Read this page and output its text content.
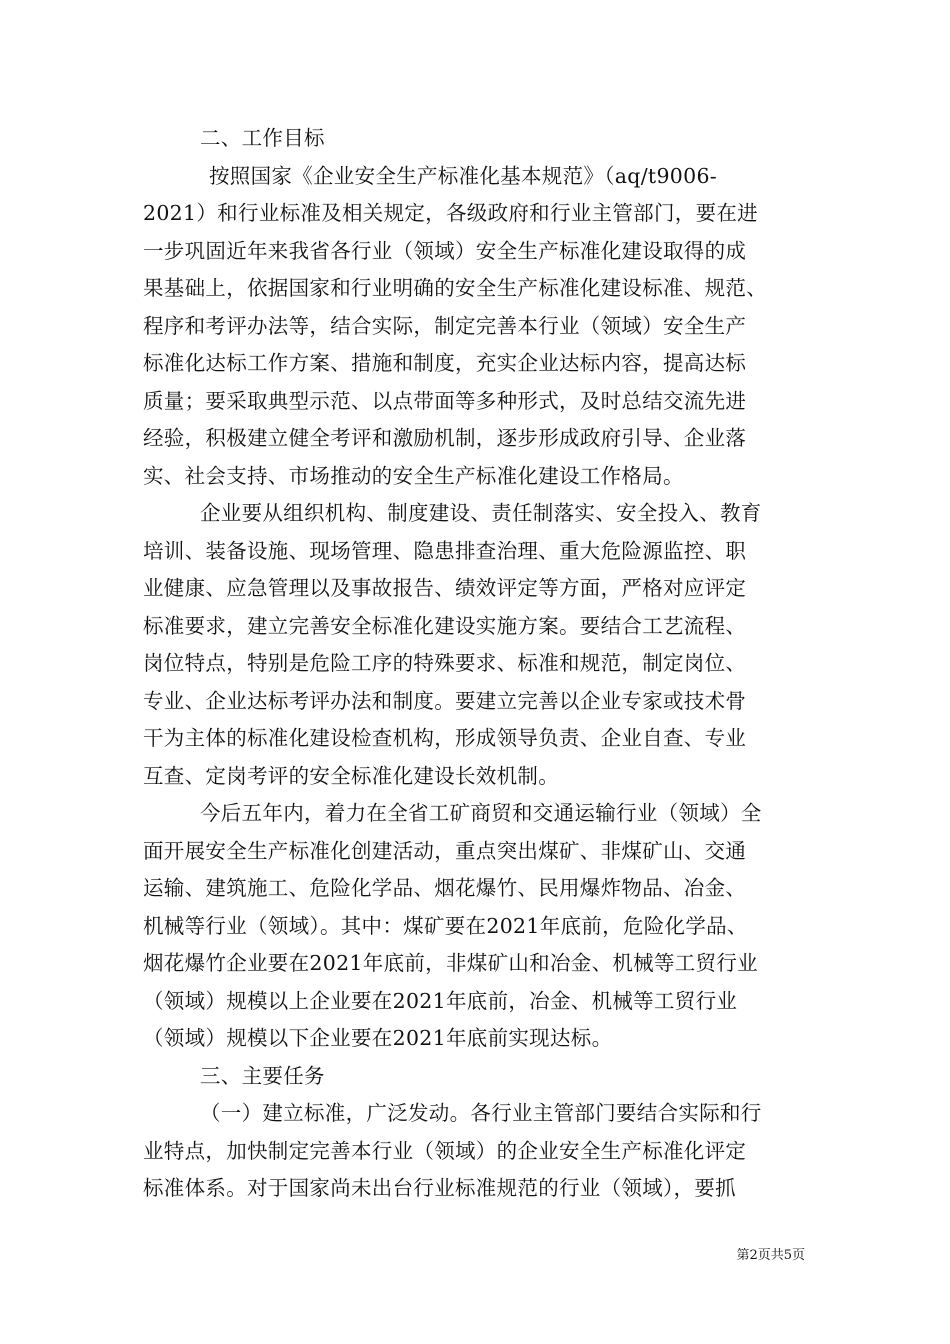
二、工作目标
按照国家《企业安全生产标准化基本规范》（aq/t9006-
2021）和行业标准及相关规定，各级政府和行业主管部门，要在进
一步巩固近年来我省各行业（领域）安全生产标准化建设取得的成
果基础上，依据国家和行业明确的安全生产标准化建设标准、规范、
程序和考评办法等，结合实际，制定完善本行业（领域）安全生产
标准化达标工作方案、措施和制度，充实企业达标内容，提高达标
质量；要采取典型示范、以点带面等多种形式，及时总结交流先进
经验，积极建立健全考评和激励机制，逐步形成政府引导、企业落
实、社会支持、市场推动的安全生产标准化建设工作格局。
企业要从组织机构、制度建设、责任制落实、安全投入、教育
培训、装备设施、现场管理、隐患排查治理、重大危险源监控、职
业健康、应急管理以及事故报告、绩效评定等方面，严格对应评定
标准要求，建立完善安全标准化建设实施方案。要结合工艺流程、
岗位特点，特别是危险工序的特殊要求、标准和规范，制定岗位、
专业、企业达标考评办法和制度。要建立完善以企业专家或技术骨
干为主体的标准化建设检查机构，形成领导负责、企业自查、专业
互查、定岗考评的安全标准化建设长效机制。
今后五年内，着力在全省工矿商贸和交通运输行业（领域）全
面开展安全生产标准化创建活动，重点突出煤矿、非煤矿山、交通
运输、建筑施工、危险化学品、烟花爆竹、民用爆炸物品、冶金、
机械等行业（领域）。其中：煤矿要在2021年底前，危险化学品、
烟花爆竹企业要在2021年底前，非煤矿山和冶金、机械等工贸行业
（领域）规模以上企业要在2021年底前，冶金、机械等工贸行业
（领域）规模以下企业要在2021年底前实现达标。
三、主要任务
（一）建立标准，广泛发动。各行业主管部门要结合实际和行
业特点，加快制定完善本行业（领域）的企业安全生产标准化评定
标准体系。对于国家尚未出台行业标准规范的行业（领域），要抓
第2页共5页
